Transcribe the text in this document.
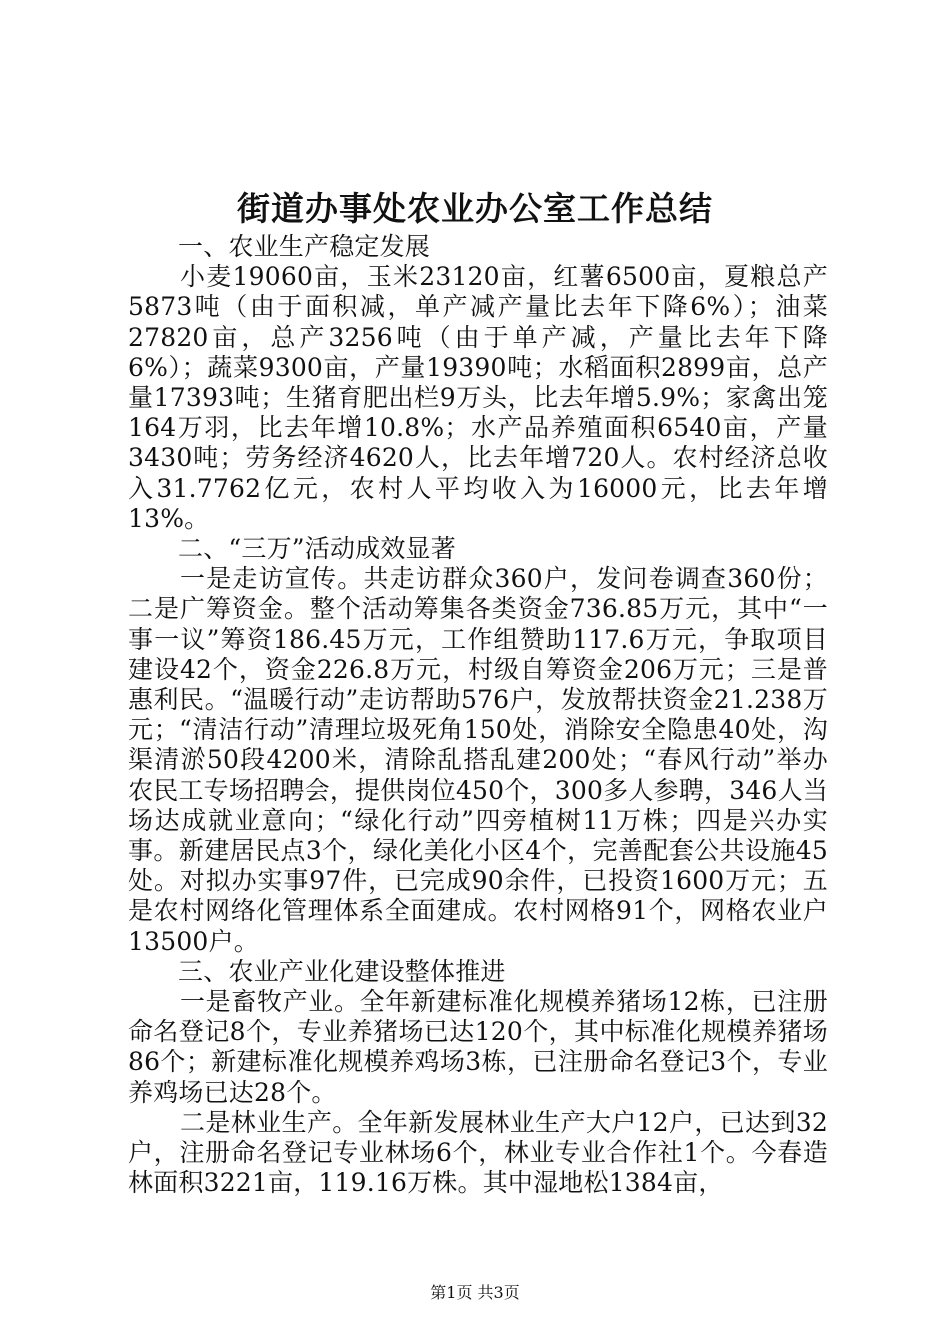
街道办事处农业办公室工作总结

一、农业生产稳定发展

小麦19060亩，玉米23120亩，红薯6500亩，夏粮总产5873吨（由于面积减，单产减产量比去年下降6%）；油菜27820亩，总产3256吨（由于单产减，产量比去年下降6%）；蔬菜9300亩，产量19390吨；水稻面积2899亩，总产量17393吨；生猪育肥出栏9万头，比去年增5.9%；家禽出笼164万羽，比去年增10.8%；水产品养殖面积6540亩，产量3430吨；劳务经济4620人，比去年增720人。农村经济总收入31.7762亿元，农村人平均收入为16000元，比去年增13%。

二、“三万”活动成效显著

一是走访宣传。共走访群众360户，发问卷调查360份；二是广筹资金。整个活动筹集各类资金736.85万元，其中“一事一议”筹资186.45万元，工作组赞助117.6万元，争取项目建设42个，资金226.8万元，村级自筹资金206万元；三是普惠利民。“温暖行动”走访帮助576户，发放帮扶资金21.238万元；“清洁行动”清理垃圾死角150处，消除安全隐患40处，沟渠清淤50段4200米，清除乱搭乱建200处；“春风行动”举办农民工专场招聘会，提供岗位450个，300多人参聘，346人当场达成就业意向；“绿化行动”四旁植树11万株；四是兴办实事。新建居民点3个，绿化美化小区4个，完善配套公共设施45处。对拟办实事97件，已完成90余件，已投资1600万元；五是农村网络化管理体系全面建成。农村网格91个，网格农业户13500户。

三、农业产业化建设整体推进

一是畜牧产业。全年新建标准化规模养猪场12栋，已注册命名登记8个，专业养猪场已达120个，其中标准化规模养猪场86个；新建标准化规模养鸡场3栋，已注册命名登记3个，专业养鸡场已达28个。

二是林业生产。全年新发展林业生产大户12户，已达到32户，注册命名登记专业林场6个，林业专业合作社1个。今春造林面积3221亩，119.16万株。其中湿地松1384亩，

第1页 共3页
